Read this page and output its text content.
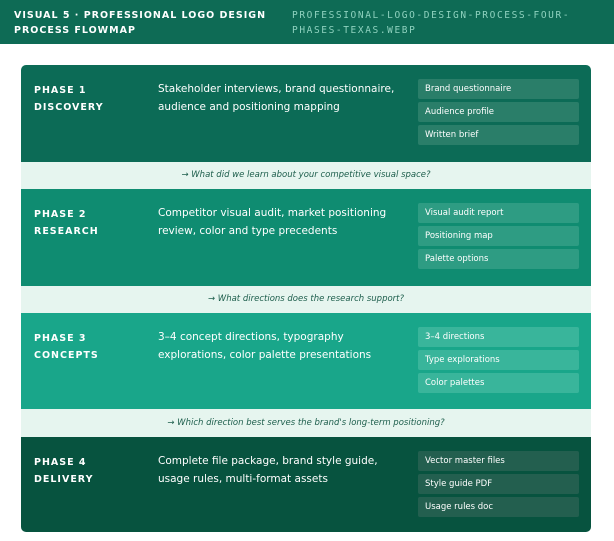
VISUAL 5 · PROFESSIONAL LOGO DESIGN PROCESS FLOWMAP
PROFESSIONAL-LOGO-DESIGN-PROCESS-FOUR-PHASES-TEXAS.WEBP
PHASE 1
DISCOVERY
Stakeholder interviews, brand questionnaire, audience and positioning mapping
Brand questionnaire
Audience profile
Written brief
→ What did we learn about your competitive visual space?
PHASE 2
RESEARCH
Competitor visual audit, market positioning review, color and type precedents
Visual audit report
Positioning map
Palette options
→ What directions does the research support?
PHASE 3
CONCEPTS
3–4 concept directions, typography explorations, color palette presentations
3–4 directions
Type explorations
Color palettes
→ Which direction best serves the brand's long-term positioning?
PHASE 4
DELIVERY
Complete file package, brand style guide, usage rules, multi-format assets
Vector master files
Style guide PDF
Usage rules doc
